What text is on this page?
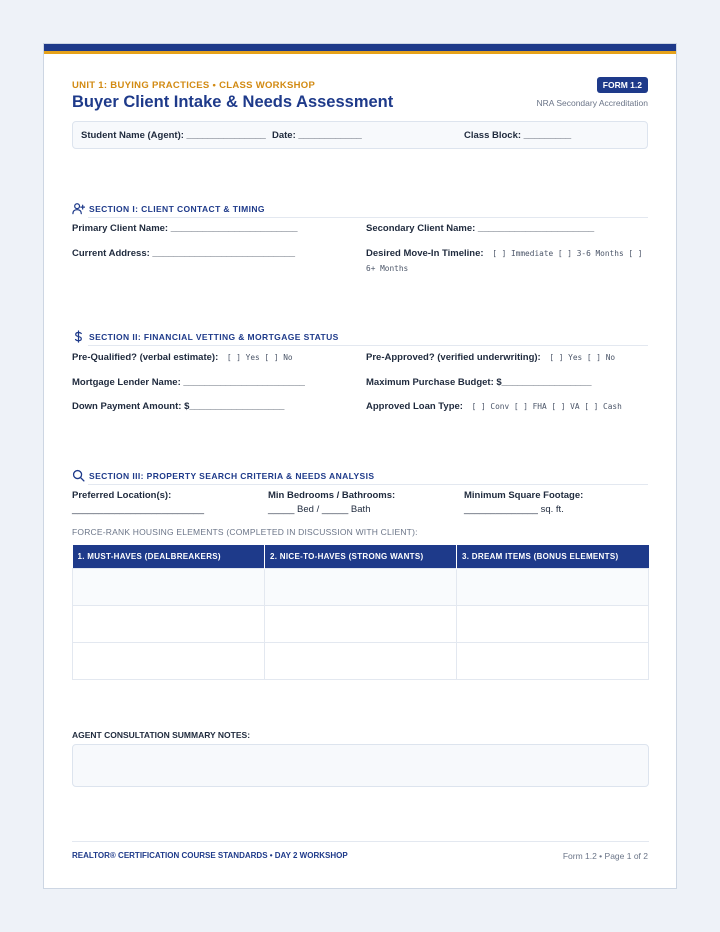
UNIT 1: BUYING PRACTICES • CLASS WORKSHOP
Buyer Client Intake & Needs Assessment
FORM 1.2
NRA Secondary Accreditation
Student Name (Agent): _______________ Date: ____________	Class Block: _________
SECTION I: CLIENT CONTACT & TIMING
Primary Client Name: ________________________	Secondary Client Name: ______________________
Current Address: ___________________________	Desired Move-In Timeline: [ ] Immediate [ ] 3-6 Months [ ]
6+ Months
SECTION II: FINANCIAL VETTING & MORTGAGE STATUS
Pre-Qualified? (verbal estimate): [ ] Yes [ ] No	Pre-Approved? (verified underwriting): [ ] Yes [ ] No
Mortgage Lender Name: _______________________	Maximum Purchase Budget: $_________________
Down Payment Amount: $__________________	Approved Loan Type: [ ] Conv [ ] FHA [ ] VA [ ] Cash
SECTION III: PROPERTY SEARCH CRITERIA & NEEDS ANALYSIS
Preferred Location(s):
_________________________
Min Bedrooms / Bathrooms:
_____ Bed / _____ Bath
Minimum Square Footage:
______________ sq. ft.
FORCE-RANK HOUSING ELEMENTS (COMPLETED IN DISCUSSION WITH CLIENT):
1. MUST-HAVES (DEALBREAKERS)	2. NICE-TO-HAVES (STRONG WANTS)	3. DREAM ITEMS (BONUS ELEMENTS)

AGENT CONSULTATION SUMMARY NOTES:
REALTOR® CERTIFICATION COURSE STANDARDS • DAY 2 WORKSHOP	Form 1.2 • Page 1 of 2
